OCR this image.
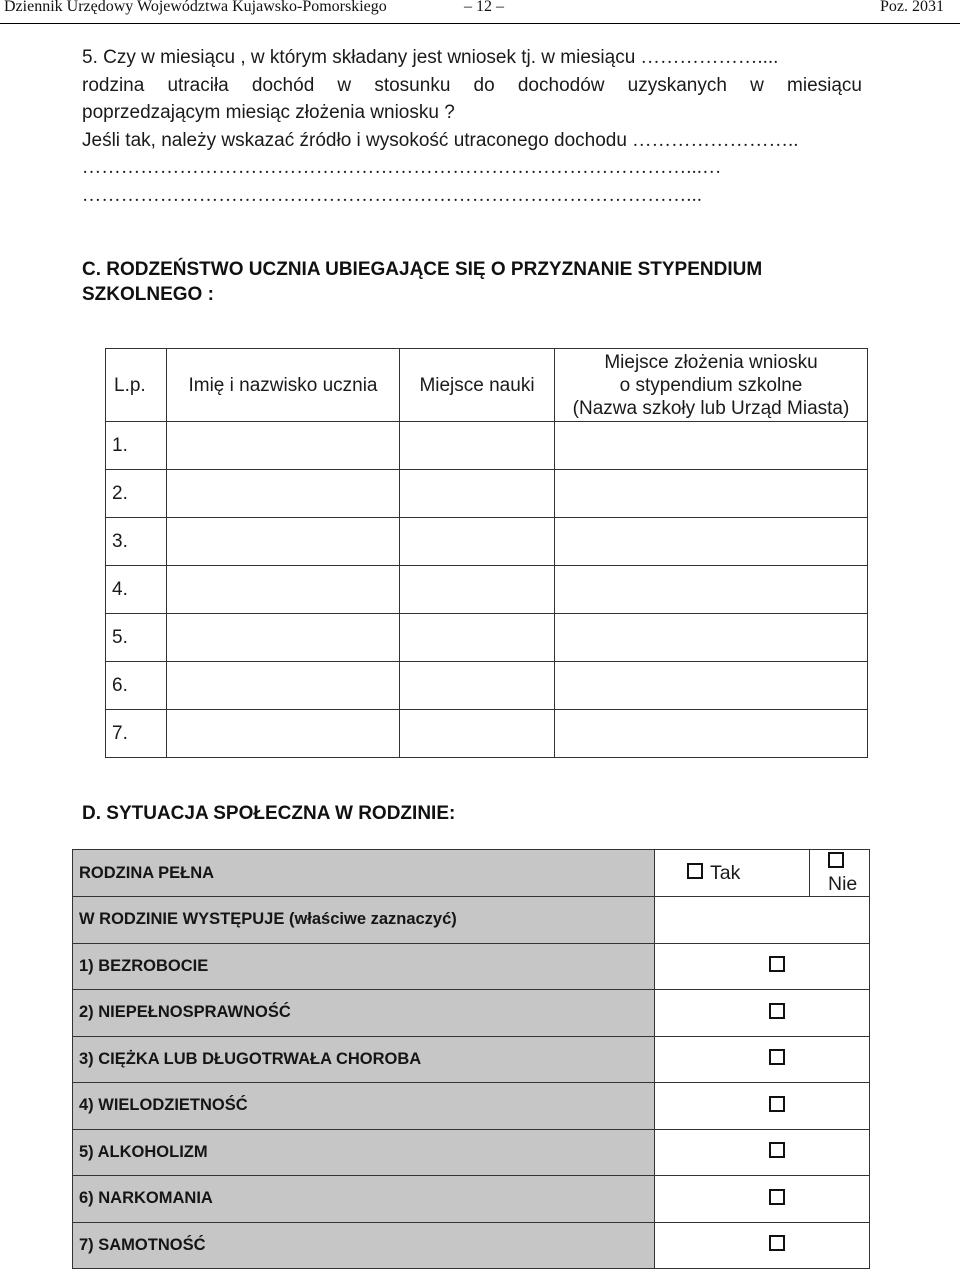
Dziennik Urzędowy Województwa Kujawsko-Pomorskiego	– 12 –	Poz. 2031
5. Czy w miesiącu , w którym składany jest wniosek tj. w miesiącu ………………....
rodzina utraciła dochód w stosunku do dochodów uzyskanych w miesiącu
poprzedzającym miesiąc złożenia wniosku ?
Jeśli tak, należy wskazać źródło i wysokość utraconego dochodu ……………………..
…………………………………………………………………………………...…
…………………………………………………………………………………...
C. RODZEŃSTWO UCZNIA UBIEGAJĄCE SIĘ O PRZYZNANIE STYPENDIUM
SZKOLNEGO :
L.p.	Imię i nazwisko ucznia	Miejsce nauki	Miejsce złożenia wniosku
o stypendium szkolne
(Nazwa szkoły lub Urząd Miasta)

1.			
2.			
3.			
4.			
5.			
6.			
7.			
D. SYTUACJA SPOŁECZNA W RODZINIE:
RODZINA PEŁNA	Tak	Nie
W RODZINIE WYSTĘPUJE (właściwe zaznaczyć)		
1) BEZROBOCIE		
2) NIEPEŁNOSPRAWNOŚĆ		
3) CIĘŻKA LUB DŁUGOTRWAŁA CHOROBA		
4) WIELODZIETNOŚĆ		
5) ALKOHOLIZM		
6) NARKOMANIA		
7) SAMOTNOŚĆ		
